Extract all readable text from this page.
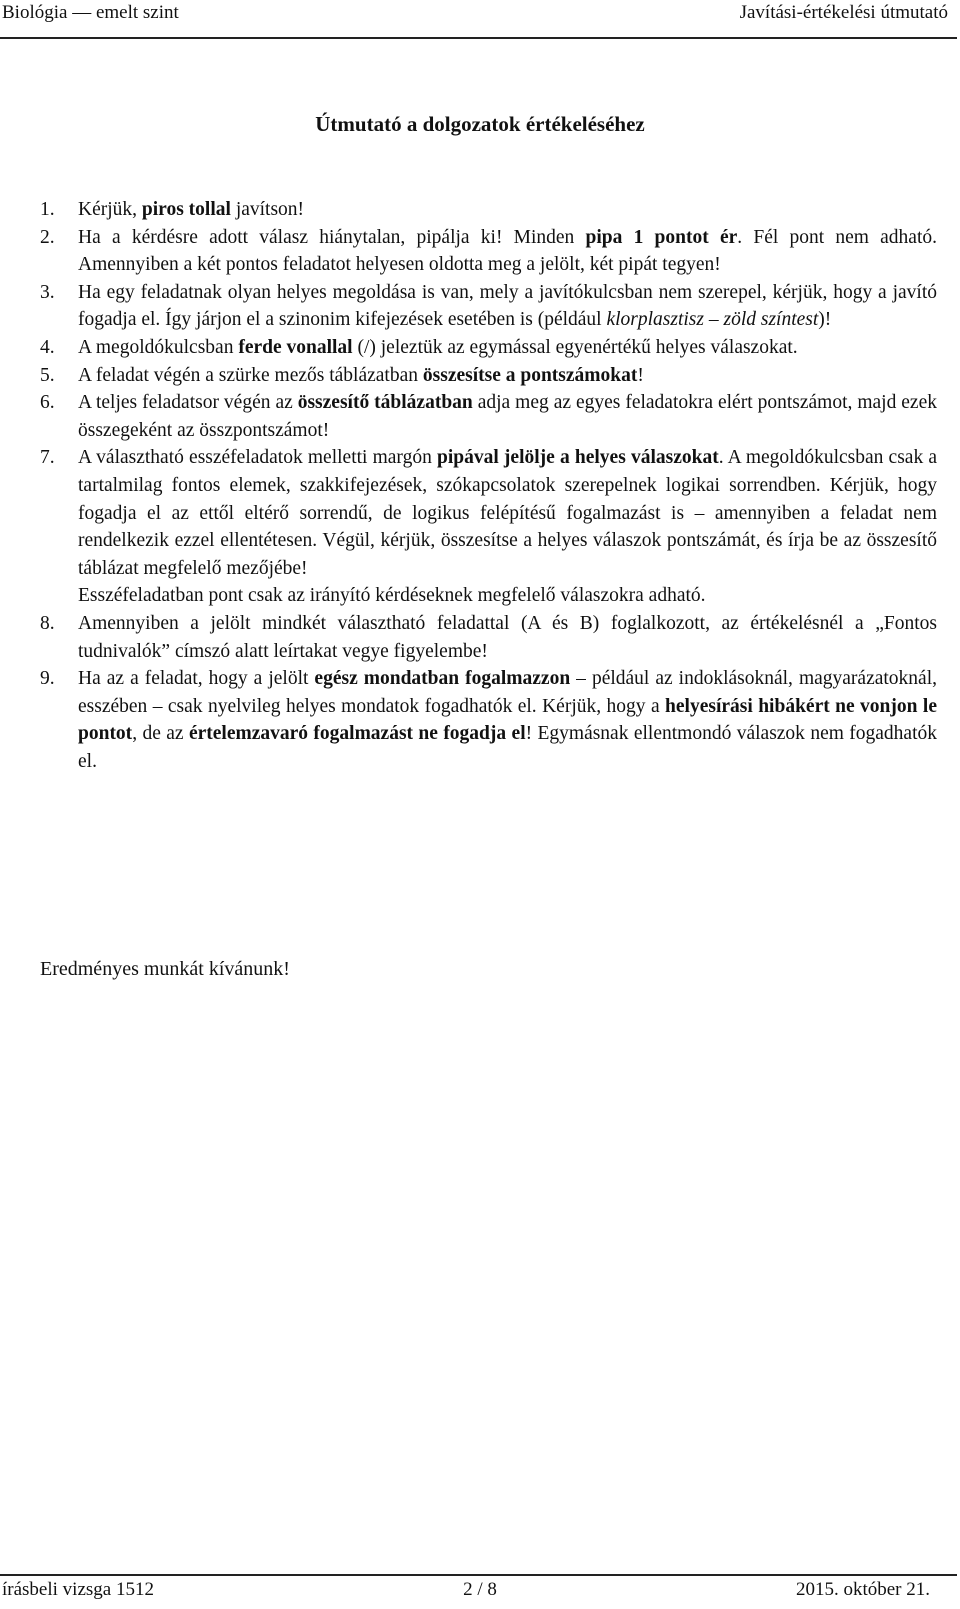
Biológia — emelt szint	Javítási-értékelési útmutató
Útmutató a dolgozatok értékeléséhez
1. Kérjük, piros tollal javítson!

2. Ha a kérdésre adott válasz hiánytalan, pipálja ki! Minden pipa 1 pontot ér. Fél pont nem adható. Amennyiben a két pontos feladatot helyesen oldotta meg a jelölt, két pipát tegyen!

3. Ha egy feladatnak olyan helyes megoldása is van, mely a javítókulcsban nem szerepel, kérjük, hogy a javító fogadja el. Így járjon el a szinonim kifejezések esetében is (például klorplasztisz – zöld színtest)!

4. A megoldókulcsban ferde vonallal (/) jeleztük az egymással egyenértékű helyes válaszokat.

5. A feladat végén a szürke mezős táblázatban összesítse a pontszámokat!

6. A teljes feladatsor végén az összesítő táblázatban adja meg az egyes feladatokra elért pontszámot, majd ezek összegeként az összpontszámot!

7. A választható esszéfeladatok melletti margón pipával jelölje a helyes válaszokat. A megoldókulcsban csak a tartalmilag fontos elemek, szakkifejezések, szókapcsolatok szerepelnek logikai sorrendben. Kérjük, hogy fogadja el az ettől eltérő sorrendű, de logikus felépítésű fogalmazást is – amennyiben a feladat nem rendelkezik ezzel ellentétesen. Végül, kérjük, összesítse a helyes válaszok pontszámát, és írja be az összesítő táblázat megfelelő mezőjébe!

Esszéfeladatban pont csak az irányító kérdéseknek megfelelő válaszokra adható.

8. Amennyiben a jelölt mindkét választható feladattal (A és B) foglalkozott, az értékelésnél a „Fontos tudnivalók” címszó alatt leírtakat vegye figyelembe!

9. Ha az a feladat, hogy a jelölt egész mondatban fogalmazzon – például az indoklásoknál, magyarázatoknál, esszében – csak nyelvileg helyes mondatok fogadhatók el. Kérjük, hogy a helyesírási hibákért ne vonjon le pontot, de az értelemzavaró fogalmazást ne fogadja el! Egymásnak ellentmondó válaszok nem fogadhatók el.

Eredményes munkát kívánunk!
írásbeli vizsga 1512	2 / 8	2015. október 21.
